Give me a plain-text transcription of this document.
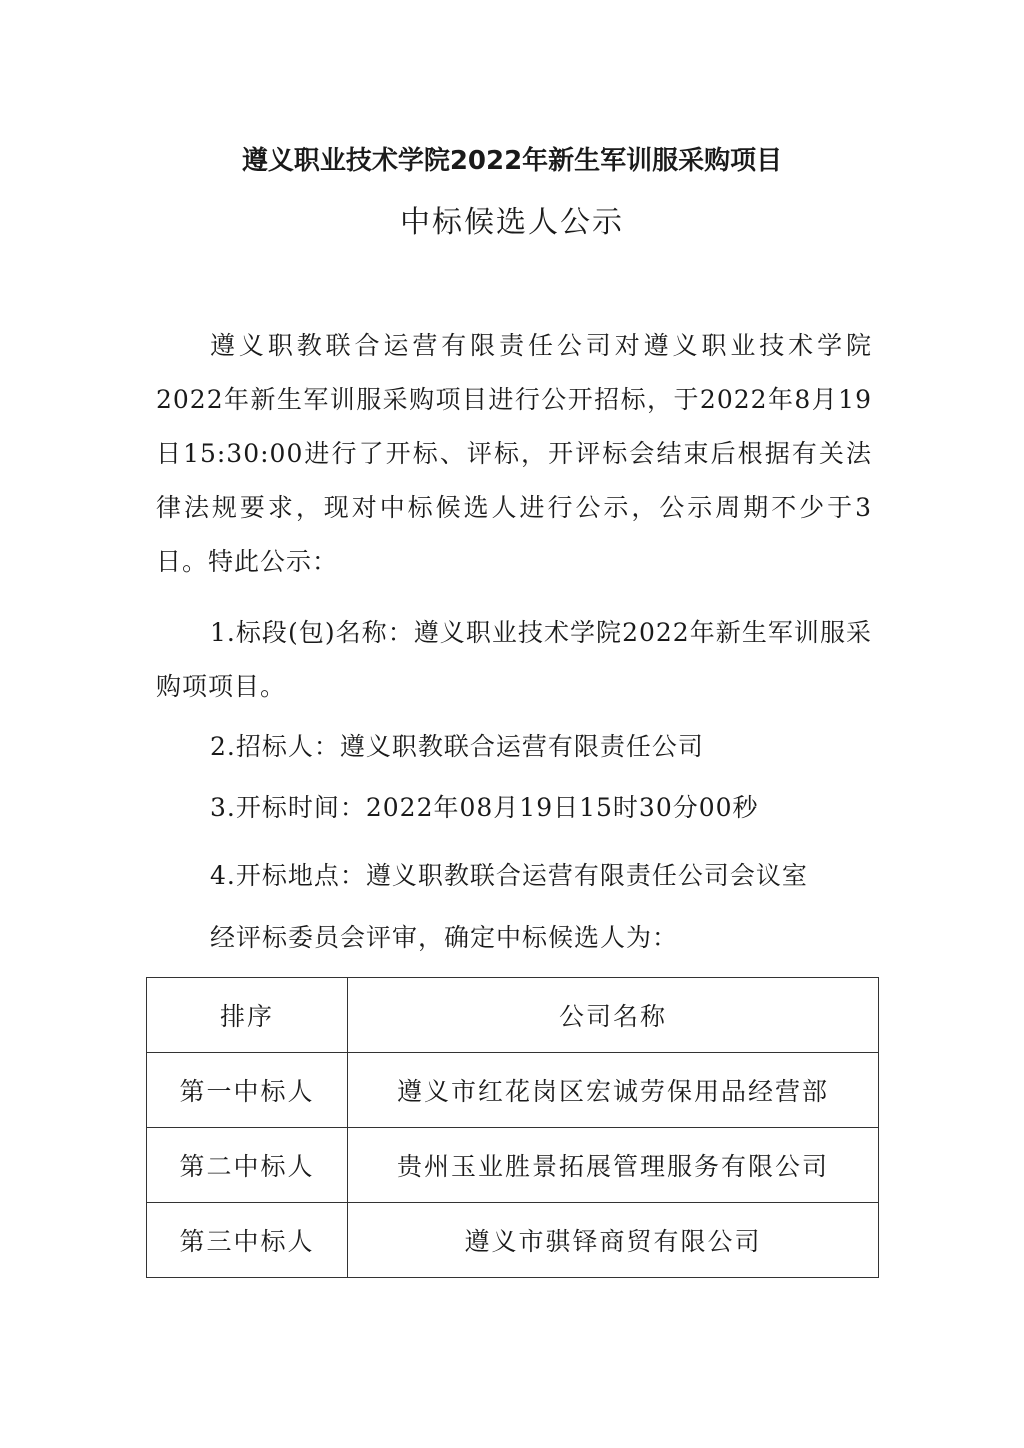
遵义职业技术学院2022年新生军训服采购项目
中标候选人公示

遵义职教联合运营有限责任公司对遵义职业技术学院2022年新生军训服采购项目进行公开招标，于2022年8月19日15:30:00进行了开标、评标，开评标会结束后根据有关法律法规要求，现对中标候选人进行公示，公示周期不少于3日。特此公示：

1.标段(包)名称：遵义职业技术学院2022年新生军训服采购项项目。

2.招标人：遵义职教联合运营有限责任公司

3.开标时间：2022年08月19日15时30分00秒

4.开标地点：遵义职教联合运营有限责任公司会议室

经评标委员会评审，确定中标候选人为：

排序	公司名称
第一中标人	遵义市红花岗区宏诚劳保用品经营部
第二中标人	贵州玉业胜景拓展管理服务有限公司
第三中标人	遵义市骐铎商贸有限公司
